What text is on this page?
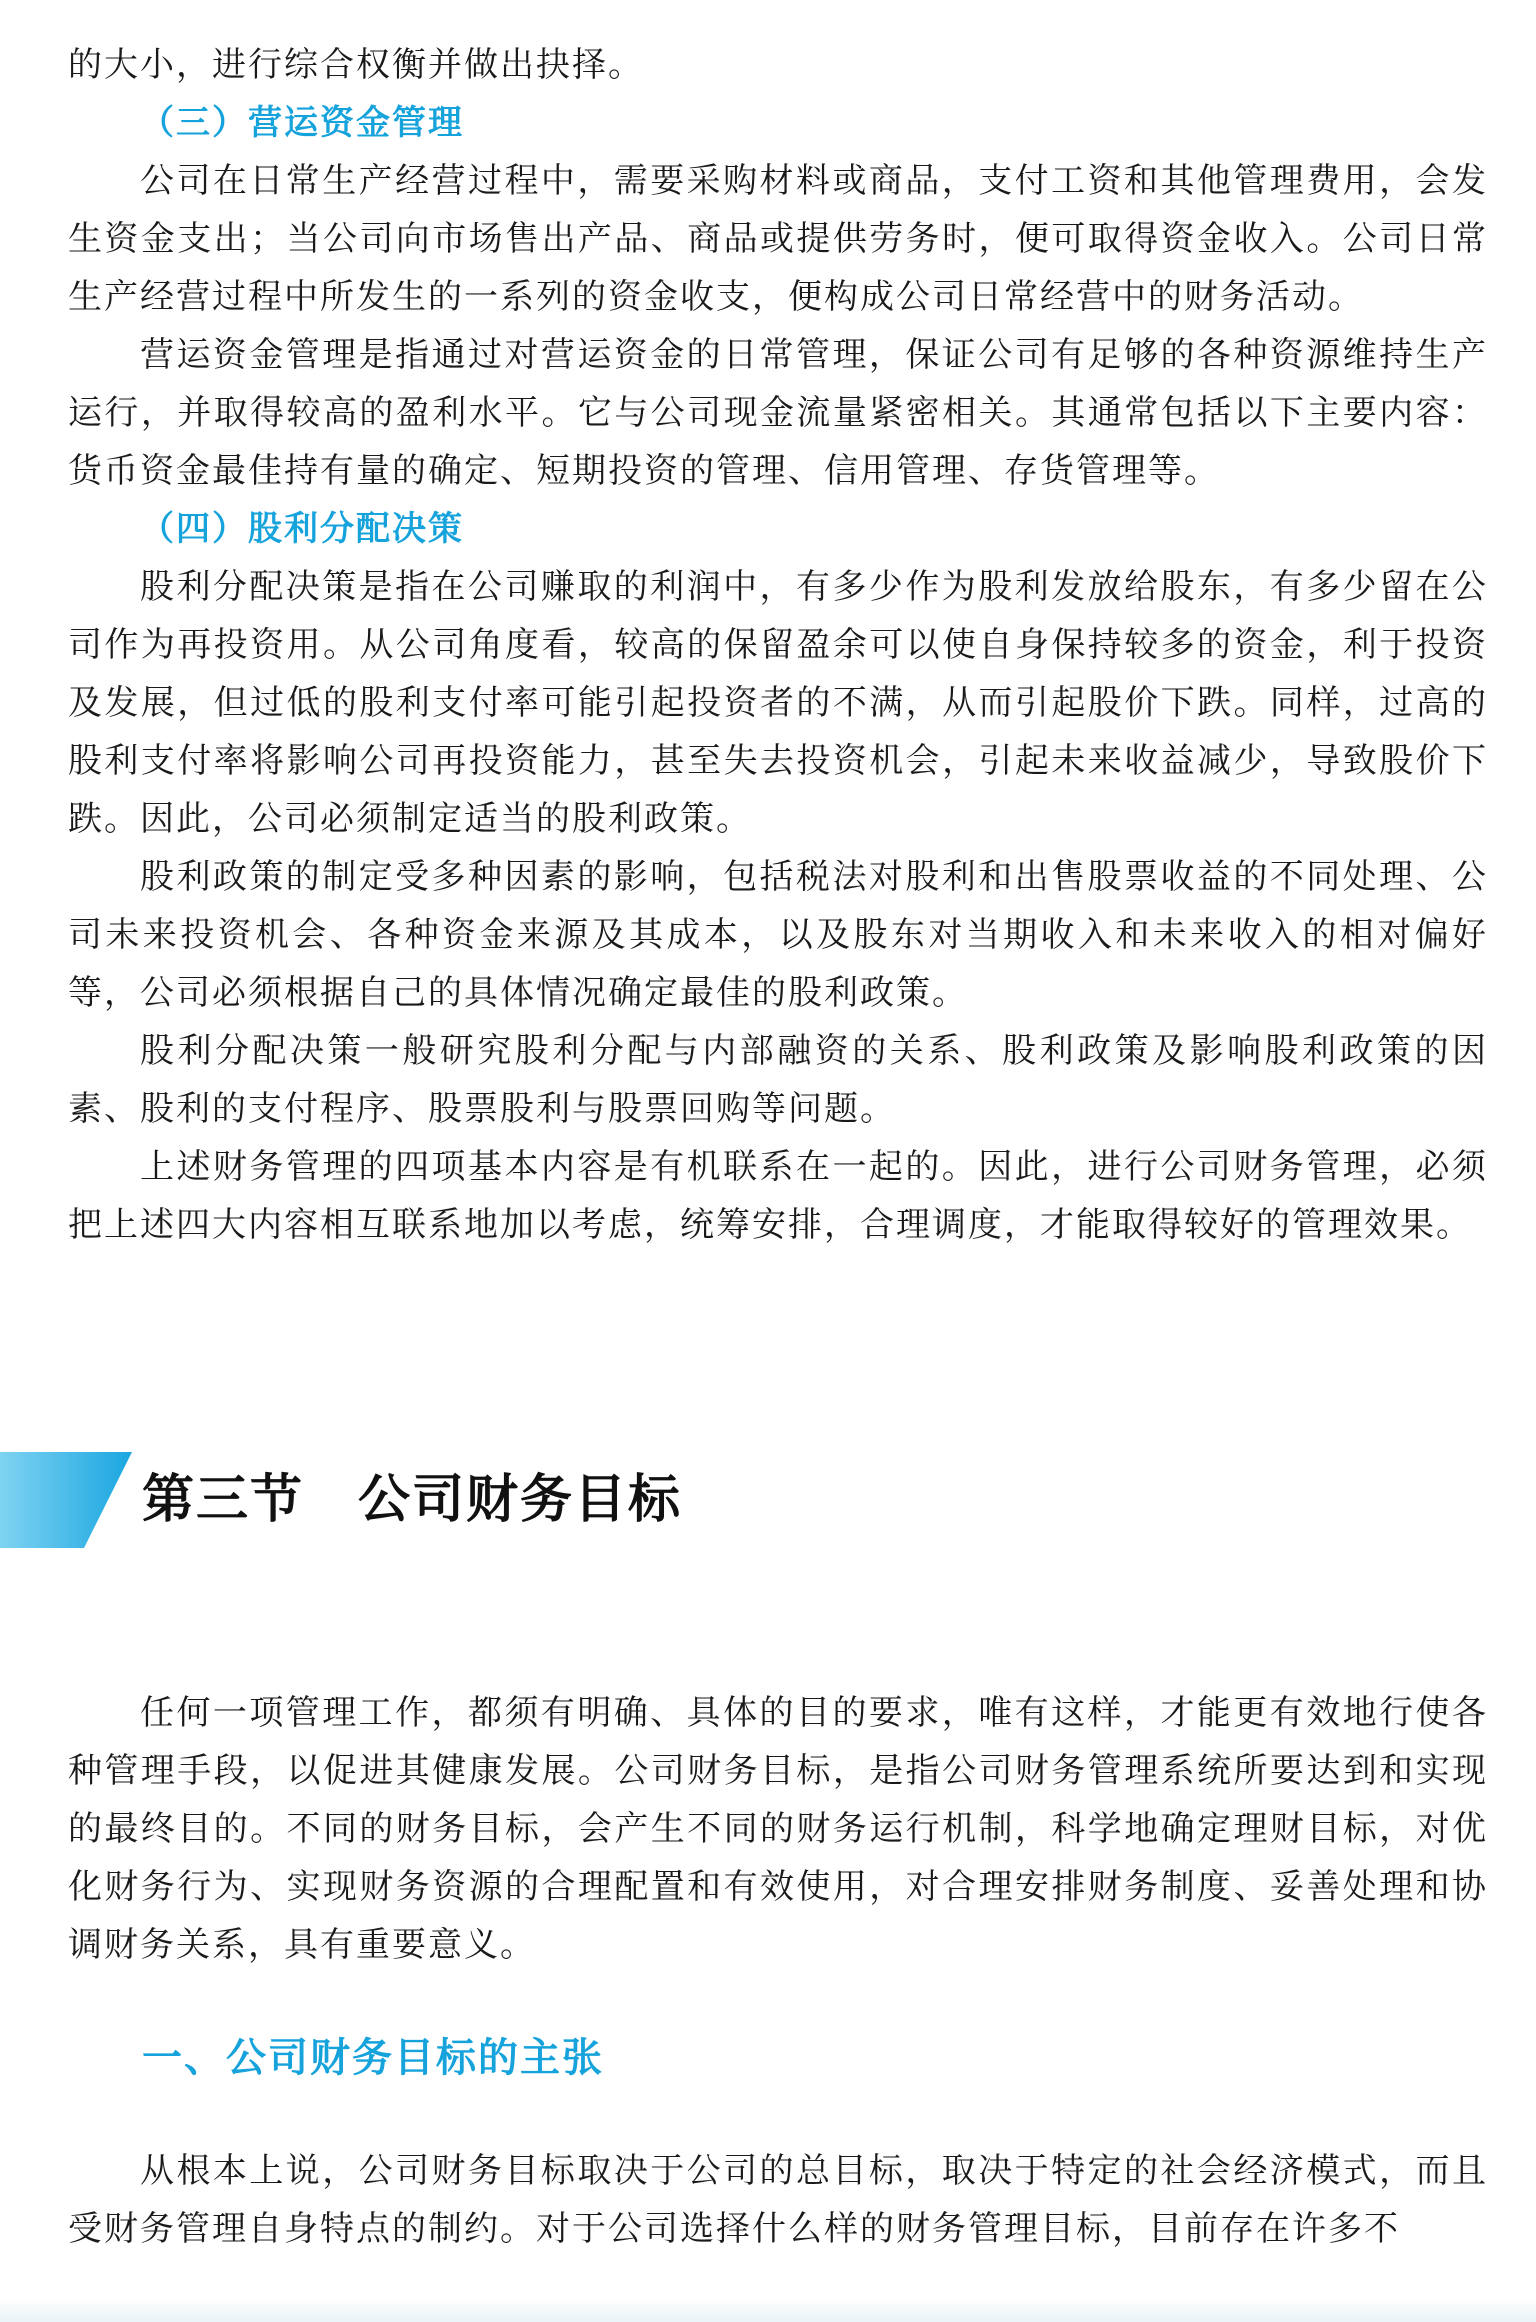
的大小，进行综合权衡并做出抉择。

（三）营运资金管理

公司在日常生产经营过程中，需要采购材料或商品，支付工资和其他管理费用，会发生资金支出；当公司向市场售出产品、商品或提供劳务时，便可取得资金收入。公司日常生产经营过程中所发生的一系列的资金收支，便构成公司日常经营中的财务活动。

营运资金管理是指通过对营运资金的日常管理，保证公司有足够的各种资源维持生产运行，并取得较高的盈利水平。它与公司现金流量紧密相关。其通常包括以下主要内容：货币资金最佳持有量的确定、短期投资的管理、信用管理、存货管理等。

（四）股利分配决策

股利分配决策是指在公司赚取的利润中，有多少作为股利发放给股东，有多少留在公司作为再投资用。从公司角度看，较高的保留盈余可以使自身保持较多的资金，利于投资及发展，但过低的股利支付率可能引起投资者的不满，从而引起股价下跌。同样，过高的股利支付率将影响公司再投资能力，甚至失去投资机会，引起未来收益减少，导致股价下跌。因此，公司必须制定适当的股利政策。

股利政策的制定受多种因素的影响，包括税法对股利和出售股票收益的不同处理、公司未来投资机会、各种资金来源及其成本，以及股东对当期收入和未来收入的相对偏好等，公司必须根据自己的具体情况确定最佳的股利政策。

股利分配决策一般研究股利分配与内部融资的关系、股利政策及影响股利政策的因素、股利的支付程序、股票股利与股票回购等问题。

上述财务管理的四项基本内容是有机联系在一起的。因此，进行公司财务管理，必须把上述四大内容相互联系地加以考虑，统筹安排，合理调度，才能取得较好的管理效果。

第三节　公司财务目标

任何一项管理工作，都须有明确、具体的目的要求，唯有这样，才能更有效地行使各种管理手段，以促进其健康发展。公司财务目标，是指公司财务管理系统所要达到和实现的最终目的。不同的财务目标，会产生不同的财务运行机制，科学地确定理财目标，对优化财务行为、实现财务资源的合理配置和有效使用，对合理安排财务制度、妥善处理和协调财务关系，具有重要意义。

一、公司财务目标的主张

从根本上说，公司财务目标取决于公司的总目标，取决于特定的社会经济模式，而且受财务管理自身特点的制约。对于公司选择什么样的财务管理目标，目前存在许多不
